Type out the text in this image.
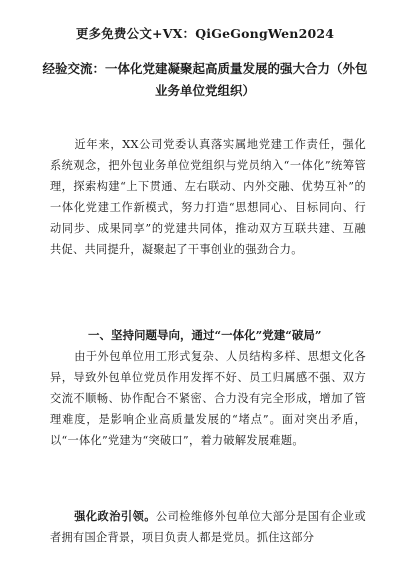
更多免费公文+VX：QiGeGongWen2024
经验交流：一体化党建凝聚起高质量发展的强大合力（外包业务单位党组织）
近年来，XX公司党委认真落实属地党建工作责任，强化系统观念，把外包业务单位党组织与党员纳入“一体化”统筹管理，探索构建“上下贯通、左右联动、内外交融、优势互补”的一体化党建工作新模式，努力打造“思想同心、目标同向、行动同步、成果同享”的党建共同体，推动双方互联共建、互融共促、共同提升，凝聚起了干事创业的强劲合力。
一、坚持问题导向，通过“一体化”党建“破局”
由于外包单位用工形式复杂、人员结构多样、思想文化各异，导致外包单位党员作用发挥不好、员工归属感不强、双方交流不顺畅、协作配合不紧密、合力没有完全形成，增加了管理难度，是影响企业高质量发展的“堵点”。面对突出矛盾，以“一体化”党建为“突破口”，着力破解发展难题。
强化政治引领。公司检维修外包单位大部分是国有企业或者拥有国企背景，项目负责人都是党员。抓住这部分
